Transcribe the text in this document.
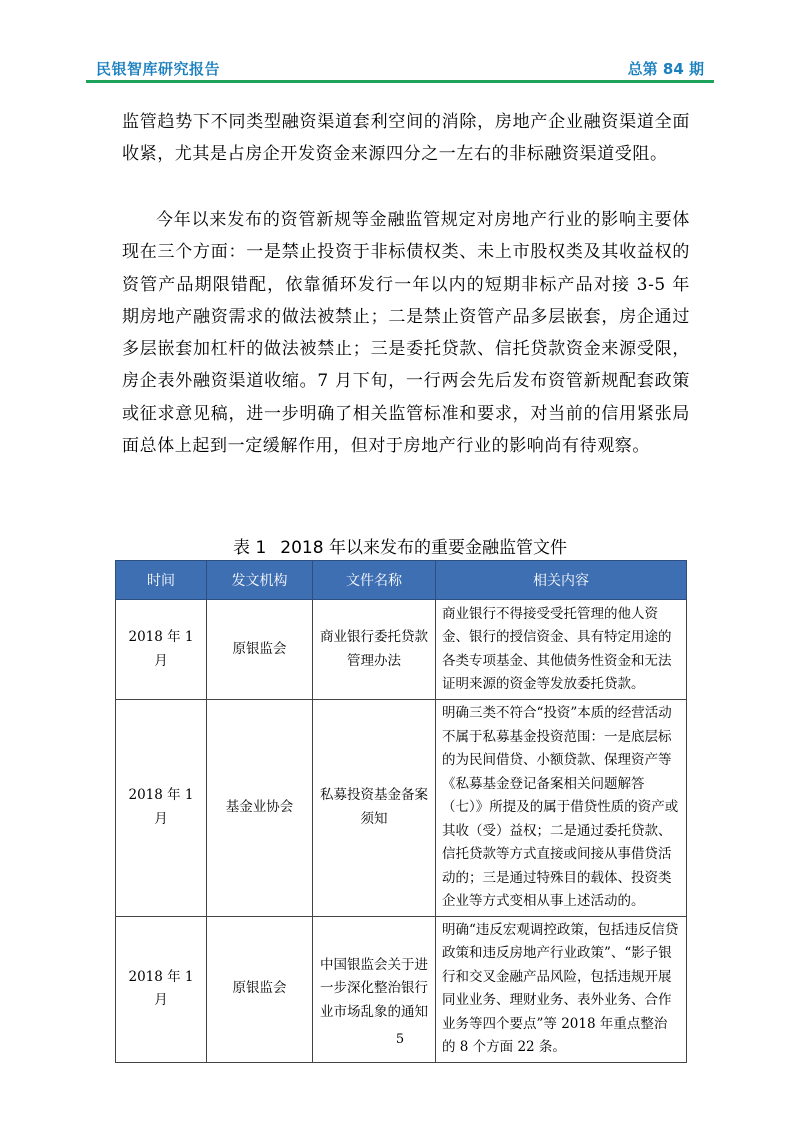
民银智库研究报告	总第 84 期
监管趋势下不同类型融资渠道套利空间的消除，房地产企业融资渠道全面收紧，尤其是占房企开发资金来源四分之一左右的非标融资渠道受阻。
今年以来发布的资管新规等金融监管规定对房地产行业的影响主要体现在三个方面：一是禁止投资于非标债权类、未上市股权类及其收益权的资管产品期限错配，依靠循环发行一年以内的短期非标产品对接 3-5 年期房地产融资需求的做法被禁止；二是禁止资管产品多层嵌套，房企通过多层嵌套加杠杆的做法被禁止；三是委托贷款、信托贷款资金来源受限，房企表外融资渠道收缩。7 月下旬，一行两会先后发布资管新规配套政策或征求意见稿，进一步明确了相关监管标准和要求，对当前的信用紧张局面总体上起到一定缓解作用，但对于房地产行业的影响尚有待观察。
表 1 2018 年以来发布的重要金融监管文件
时间	发文机构	文件名称	相关内容
2018 年 1 月	原银监会	商业银行委托贷款管理办法	商业银行不得接受受托管理的他人资金、银行的授信资金、具有特定用途的各类专项基金、其他债务性资金和无法证明来源的资金等发放委托贷款。
2018 年 1 月	基金业协会	私募投资基金备案须知	明确三类不符合“投资”本质的经营活动不属于私募基金投资范围：一是底层标的为民间借贷、小额贷款、保理资产等《私募基金登记备案相关问题解答（七）》所提及的属于借贷性质的资产或其收（受）益权；二是通过委托贷款、信托贷款等方式直接或间接从事借贷活动的；三是通过特殊目的载体、投资类企业等方式变相从事上述活动的。
2018 年 1 月	原银监会	中国银监会关于进一步深化整治银行业市场乱象的通知	明确“违反宏观调控政策，包括违反信贷政策和违反房地产行业政策”、“影子银行和交叉金融产品风险，包括违规开展同业业务、理财业务、表外业务、合作业务等四个要点”等 2018 年重点整治的 8 个方面 22 条。
5
